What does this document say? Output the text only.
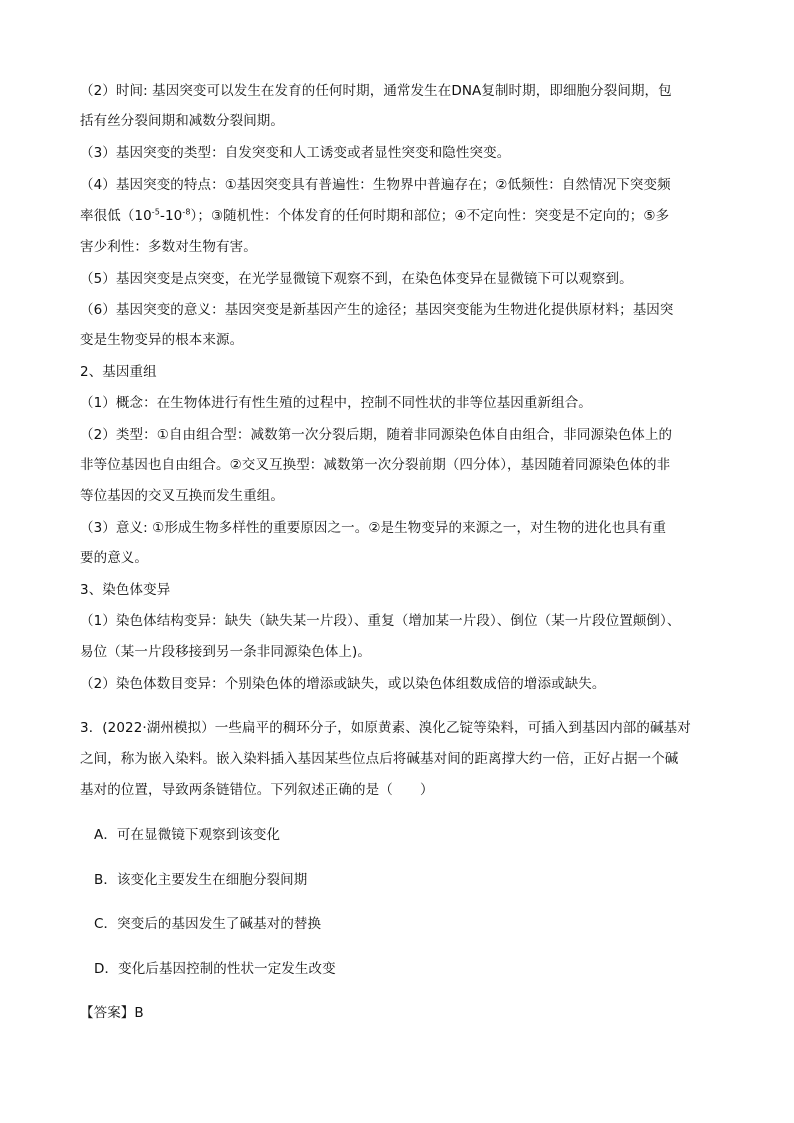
（2）时间: 基因突变可以发生在发育的任何时期，通常发生在DNA复制时期，即细胞分裂间期，包
括有丝分裂间期和减数分裂间期。
（3）基因突变的类型：自发突变和人工诱变或者显性突变和隐性突变。
（4）基因突变的特点：①基因突变具有普遍性：生物界中普遍存在；②低频性：自然情况下突变频
率很低$(10^{-5}-10^{-8})$；③随机性：个体发育的任何时期和部位；④不定向性：突变是不定向的；⑤多
害少利性：多数对生物有害。
（5）基因突变是点突变，在光学显微镜下观察不到，在染色体变异在显微镜下可以观察到。
（6）基因突变的意义：基因突变是新基因产生的途径；基因突变能为生物进化提供原材料；基因突
变是生物变异的根本来源。
2、基因重组
（1）概念：在生物体进行有性生殖的过程中，控制不同性状的非等位基因重新组合。
（2）类型：①自由组合型：减数第一次分裂后期，随着非同源染色体自由组合，非同源染色体上的
非等位基因也自由组合。②交叉互换型：减数第一次分裂前期（四分体），基因随着同源染色体的非
等位基因的交叉互换而发生重组。
（3）意义: ①形成生物多样性的重要原因之一。②是生物变异的来源之一，对生物的进化也具有重
要的意义。
3、染色体变异
（1）染色体结构变异：缺失（缺失某一片段）、重复（增加某一片段）、倒位（某一片段位置颠倒）、
易位（某一片段移接到另一条非同源染色体上)。
（2）染色体数目变异：个别染色体的增添或缺失，或以染色体组数成倍的增添或缺失。
3．(2022·湖州模拟）一些扁平的稠环分子，如原黄素、溴化乙锭等染料，可插入到基因内部的碱基对
之间，称为嵌入染料。嵌入染料插入基因某些位点后将碱基对间的距离撑大约一倍，正好占据一个碱
基对的位置，导致两条链错位。下列叙述正确的是（　　）
A．可在显微镜下观察到该变化
B．该变化主要发生在细胞分裂间期
C．突变后的基因发生了碱基对的替换
D．变化后基因控制的性状一定发生改变
【答案】B
